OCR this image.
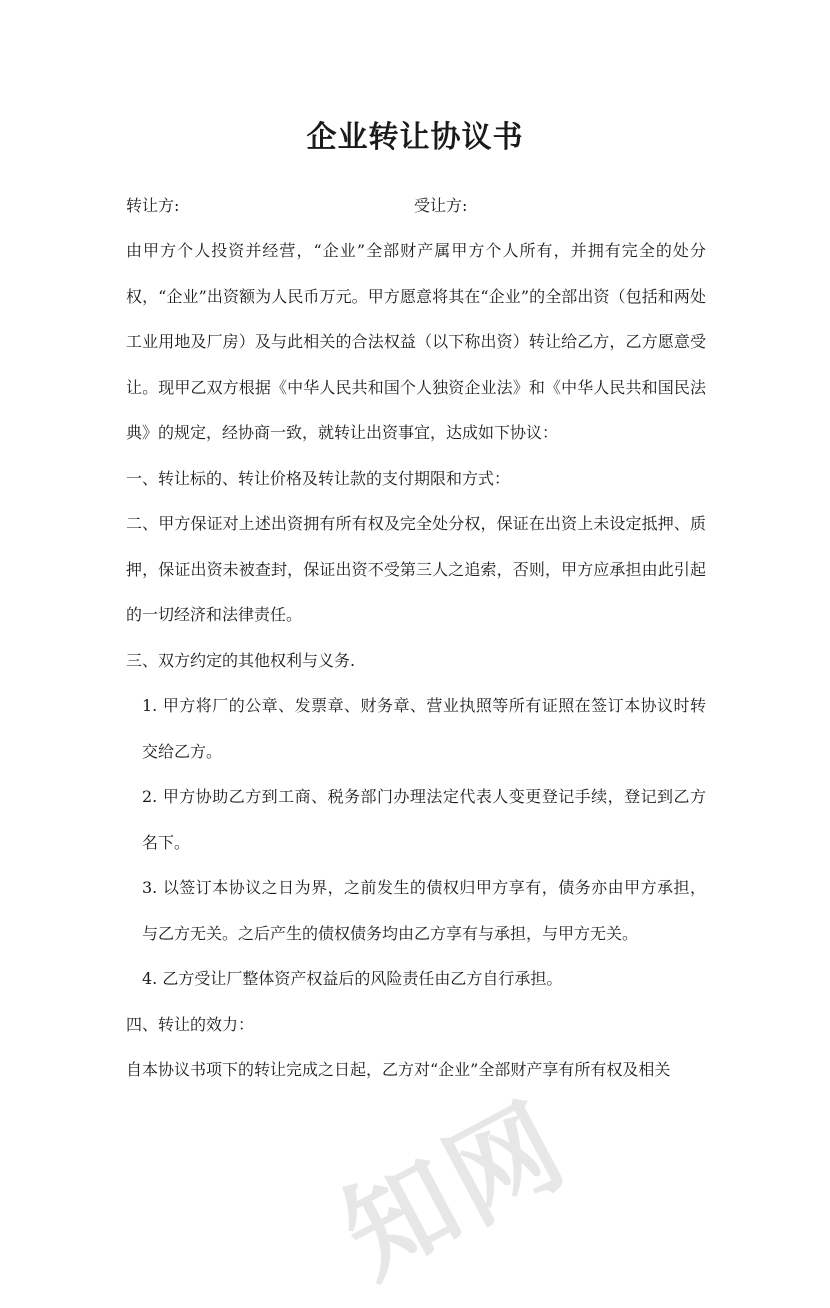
企业转让协议书
转让方:	受让方:

由甲方个人投资并经营，“企业”全部财产属甲方个人所有，并拥有完全的处分权，“企业”出资额为人民币万元。甲方愿意将其在“企业”的全部出资（包括和两处工业用地及厂房）及与此相关的合法权益（以下称出资）转让给乙方，乙方愿意受让。现甲乙双方根据《中华人民共和国个人独资企业法》和《中华人民共和国民法典》的规定，经协商一致，就转让出资事宜，达成如下协议：

一、转让标的、转让价格及转让款的支付期限和方式：

二、甲方保证对上述出资拥有所有权及完全处分权，保证在出资上未设定抵押、质押，保证出资未被查封，保证出资不受第三人之追索，否则，甲方应承担由此引起的一切经济和法律责任。

三、双方约定的其他权利与义务.

1. 甲方将厂的公章、发票章、财务章、营业执照等所有证照在签订本协议时转交给乙方。

2. 甲方协助乙方到工商、税务部门办理法定代表人变更登记手续，登记到乙方名下。

3. 以签订本协议之日为界，之前发生的债权归甲方享有，债务亦由甲方承担，与乙方无关。之后产生的债权债务均由乙方享有与承担，与甲方无关。

4. 乙方受让厂整体资产权益后的风险责任由乙方自行承担。

四、转让的效力：

自本协议书项下的转让完成之日起，乙方对“企业”全部财产享有所有权及相关

知网
